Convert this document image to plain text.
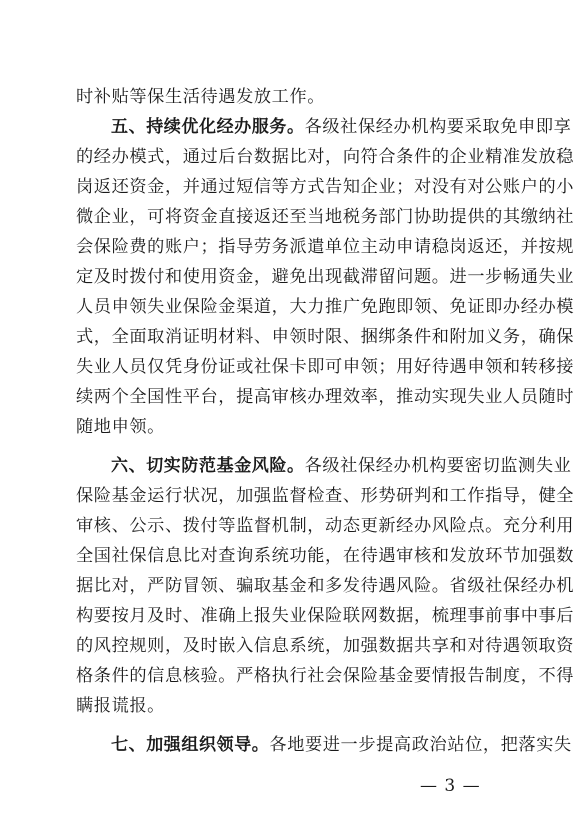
时补贴等保生活待遇发放工作。
五、持续优化经办服务。各级社保经办机构要采取免申即享
的经办模式，通过后台数据比对，向符合条件的企业精准发放稳
岗返还资金，并通过短信等方式告知企业；对没有对公账户的小
微企业，可将资金直接返还至当地税务部门协助提供的其缴纳社
会保险费的账户；指导劳务派遣单位主动申请稳岗返还，并按规
定及时拨付和使用资金，避免出现截滞留问题。进一步畅通失业
人员申领失业保险金渠道，大力推广免跑即领、免证即办经办模
式，全面取消证明材料、申领时限、捆绑条件和附加义务，确保
失业人员仅凭身份证或社保卡即可申领；用好待遇申领和转移接
续两个全国性平台，提高审核办理效率，推动实现失业人员随时
随地申领。
六、切实防范基金风险。各级社保经办机构要密切监测失业
保险基金运行状况，加强监督检查、形势研判和工作指导，健全
审核、公示、拨付等监督机制，动态更新经办风险点。充分利用
全国社保信息比对查询系统功能，在待遇审核和发放环节加强数
据比对，严防冒领、骗取基金和多发待遇风险。省级社保经办机
构要按月及时、准确上报失业保险联网数据，梳理事前事中事后
的风控规则，及时嵌入信息系统，加强数据共享和对待遇领取资
格条件的信息核验。严格执行社会保险基金要情报告制度，不得
瞒报谎报。
七、加强组织领导。各地要进一步提高政治站位，把落实失
— 3 —
